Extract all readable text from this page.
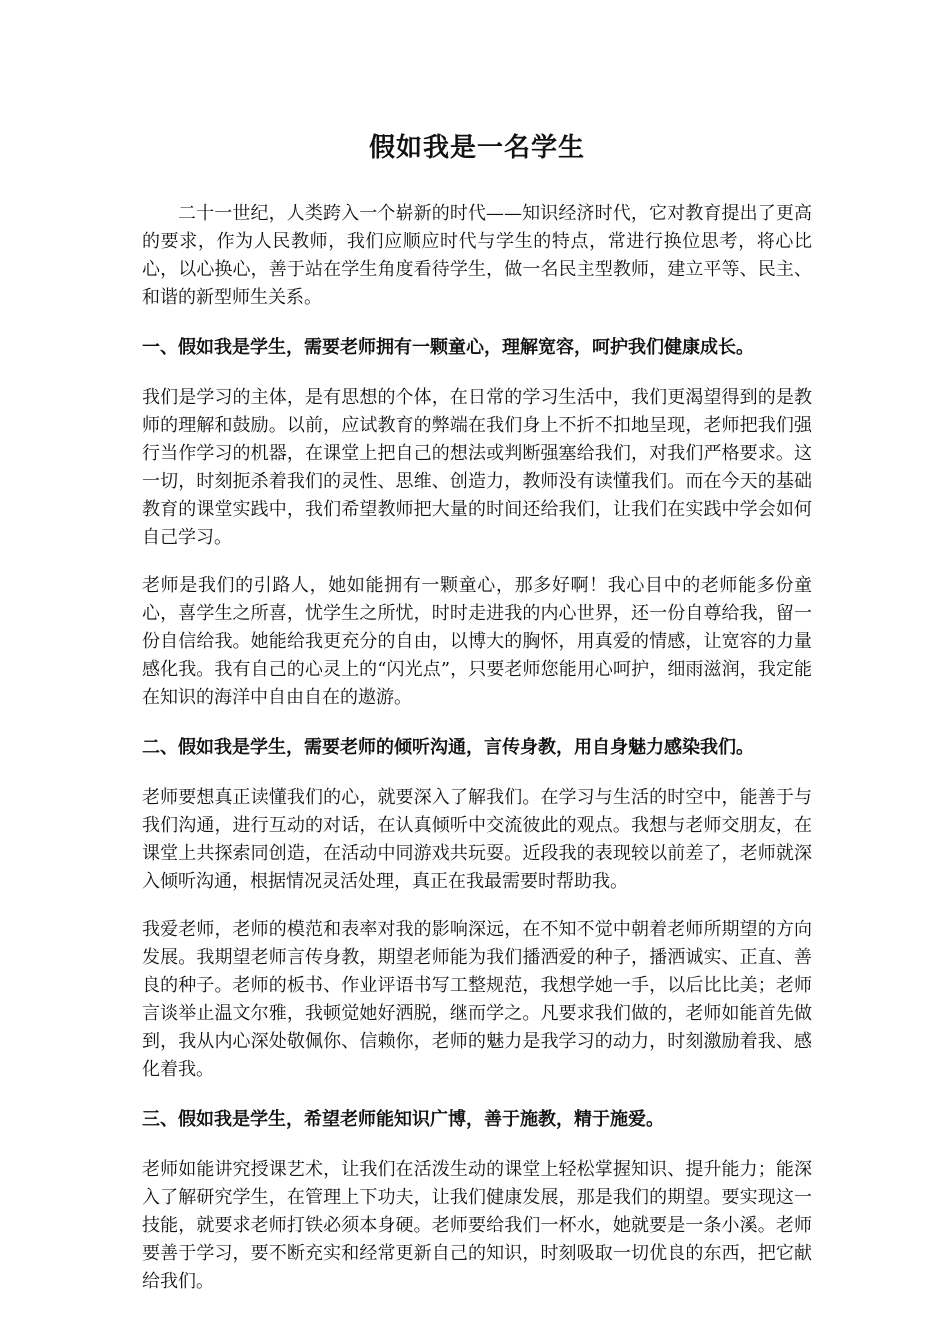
假如我是一名学生

二十一世纪，人类跨入一个崭新的时代——知识经济时代，它对教育提出了更高的要求，作为人民教师，我们应顺应时代与学生的特点，常进行换位思考，将心比心，以心换心，善于站在学生角度看待学生，做一名民主型教师，建立平等、民主、和谐的新型师生关系。

一、假如我是学生，需要老师拥有一颗童心，理解宽容，呵护我们健康成长。

我们是学习的主体，是有思想的个体，在日常的学习生活中，我们更渴望得到的是教师的理解和鼓励。以前，应试教育的弊端在我们身上不折不扣地呈现，老师把我们强行当作学习的机器，在课堂上把自己的想法或判断强塞给我们，对我们严格要求。这一切，时刻扼杀着我们的灵性、思维、创造力，教师没有读懂我们。而在今天的基础教育的课堂实践中，我们希望教师把大量的时间还给我们，让我们在实践中学会如何自己学习。

老师是我们的引路人，她如能拥有一颗童心，那多好啊！我心目中的老师能多份童心，喜学生之所喜，忧学生之所忧，时时走进我的内心世界，还一份自尊给我，留一份自信给我。她能给我更充分的自由，以博大的胸怀，用真爱的情感，让宽容的力量感化我。我有自己的心灵上的“闪光点”，只要老师您能用心呵护，细雨滋润，我定能在知识的海洋中自由自在的遨游。

二、假如我是学生，需要老师的倾听沟通，言传身教，用自身魅力感染我们。

老师要想真正读懂我们的心，就要深入了解我们。在学习与生活的时空中，能善于与我们沟通，进行互动的对话，在认真倾听中交流彼此的观点。我想与老师交朋友，在课堂上共探索同创造，在活动中同游戏共玩耍。近段我的表现较以前差了，老师就深入倾听沟通，根据情况灵活处理，真正在我最需要时帮助我。

我爱老师，老师的模范和表率对我的影响深远，在不知不觉中朝着老师所期望的方向发展。我期望老师言传身教，期望老师能为我们播洒爱的种子，播洒诚实、正直、善良的种子。老师的板书、作业评语书写工整规范，我想学她一手，以后比比美；老师言谈举止温文尔雅，我顿觉她好洒脱，继而学之。凡要求我们做的，老师如能首先做到，我从内心深处敬佩你、信赖你，老师的魅力是我学习的动力，时刻激励着我、感化着我。

三、假如我是学生，希望老师能知识广博，善于施教，精于施爱。

老师如能讲究授课艺术，让我们在活泼生动的课堂上轻松掌握知识、提升能力；能深入了解研究学生，在管理上下功夫，让我们健康发展，那是我们的期望。要实现这一技能，就要求老师打铁必须本身硬。老师要给我们一杯水，她就要是一条小溪。老师要善于学习，要不断充实和经常更新自己的知识，时刻吸取一切优良的东西，把它献给我们。
